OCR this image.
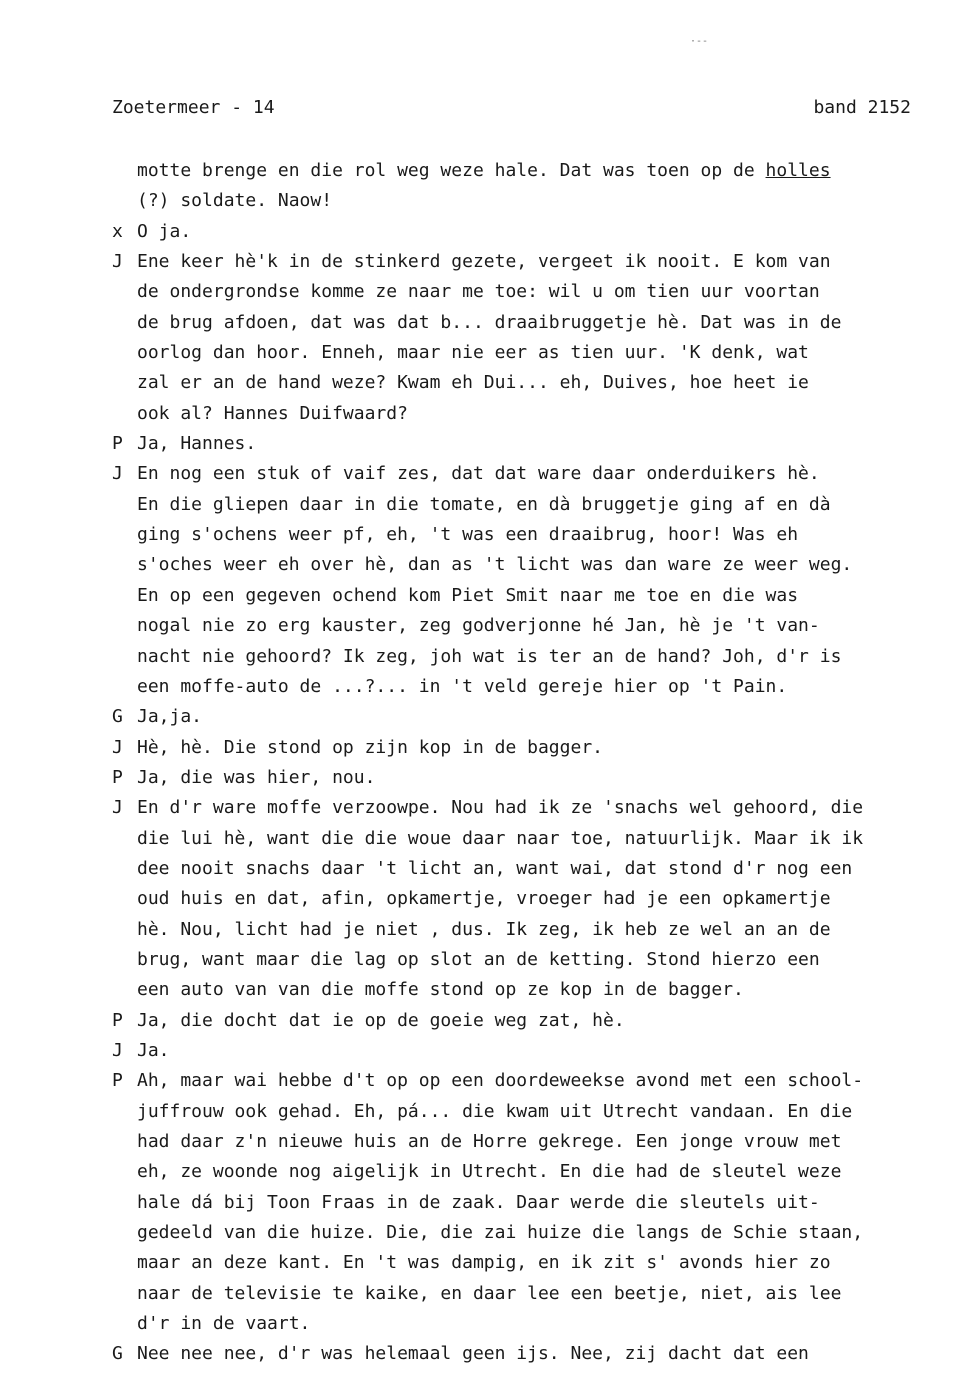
Zoetermeer - 14	band 2152
·‐‐
motte brenge en die rol weg weze hale. Dat was toen op de holles
(?) soldate. Naow!
x O ja.
J Ene keer hè'k in de stinkerd gezete, vergeet ik nooit. E kom van
de ondergrondse komme ze naar me toe: wil u om tien uur voortan
de brug afdoen, dat was dat b... draaibruggetje hè. Dat was in de
oorlog dan hoor. Enneh, maar nie eer as tien uur. 'K denk, wat
zal er an de hand weze? Kwam eh Dui... eh, Duives, hoe heet ie
ook al? Hannes Duifwaard?
P Ja, Hannes.
J En nog een stuk of vaif zes, dat dat ware daar onderduikers hè.
En die gliepen daar in die tomate, en dà bruggetje ging af en dà
ging s'ochens weer pf, eh, 't was een draaibrug, hoor! Was eh
s'oches weer eh over hè, dan as 't licht was dan ware ze weer weg.
En op een gegeven ochend kom Piet Smit naar me toe en die was
nogal nie zo erg kauster, zeg godverjonne hé Jan, hè je 't van-
nacht nie gehoord? Ik zeg, joh wat is ter an de hand? Joh, d'r is
een moffe-auto de ...?... in 't veld gereje hier op 't Pain.
G Ja,ja.
J Hè, hè. Die stond op zijn kop in de bagger.
P Ja, die was hier, nou.
J En d'r ware moffe verzoowpe. Nou had ik ze 'snachs wel gehoord, die
die lui hè, want die die woue daar naar toe, natuurlijk. Maar ik ik
dee nooit snachs daar 't licht an, want wai, dat stond d'r nog een
oud huis en dat, afin, opkamertje, vroeger had je een opkamertje
hè. Nou, licht had je niet , dus. Ik zeg, ik heb ze wel an an de
brug, want maar die lag op slot an de ketting. Stond hierzo een
een auto van van die moffe stond op ze kop in de bagger.
P Ja, die docht dat ie op de goeie weg zat, hè.
J Ja.
P Ah, maar wai hebbe d't op op een doordeweekse avond met een school-
juffrouw ook gehad. Eh, pá... die kwam uit Utrecht vandaan. En die
had daar z'n nieuwe huis an de Horre gekrege. Een jonge vrouw met
eh, ze woonde nog aigelijk in Utrecht. En die had de sleutel weze
hale dá bij Toon Fraas in de zaak. Daar werde die sleutels uit-
gedeeld van die huize. Die, die zai huize die langs de Schie staan,
maar an deze kant. En 't was dampig, en ik zit s' avonds hier zo
naar de televisie te kaike, en daar lee een beetje, niet, ais lee
d'r in de vaart.
G Nee nee nee, d'r was helemaal geen ijs. Nee, zij dacht dat een
